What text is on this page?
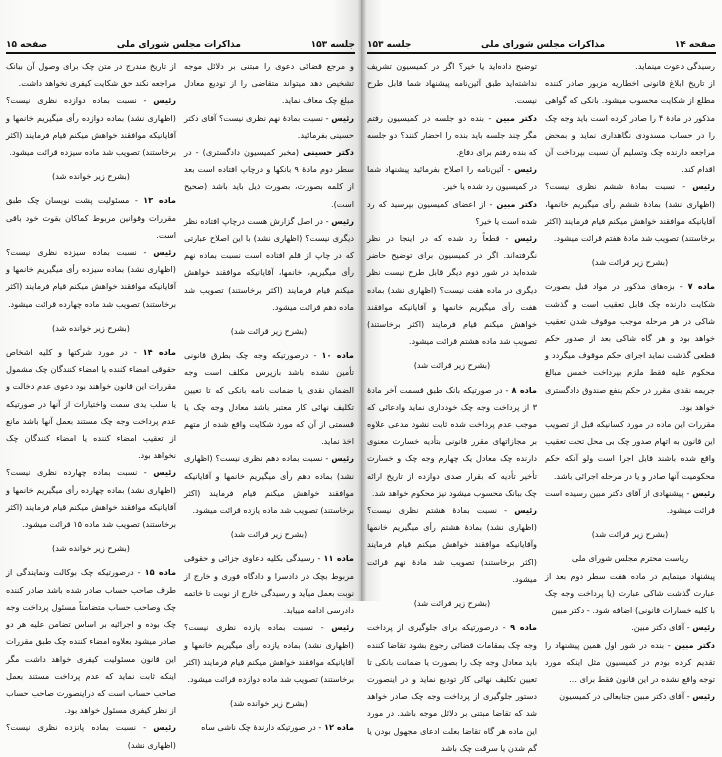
صفحه ۱۵	مذاکرات مجلس شورای ملی	جلسه ۱۵۳

و مرجع قضائی دعوی را مبتنی بر دلائل موجه تشخیص دهد میتواند متقاضی را از تودیع معادل مبلغ چک معاف نماید.

رئیس - نسبت بمادهٔ نهم نظری نیست؟ آقای دکتر حسینی بفرمائید.

دکتر حسینی (مخبر کمیسیون دادگستری) - در سطر دوم مادهٔ ۹ بانکها و درچاپ افتاده است بعد از کلمه بصورت، بصورت ذیل باید باشد (صحیح است).

رئیس - در اصل گزارش هست درچاپ افتاده نظر دیگری نیست؟ (اظهاری نشد) با این اصلاح عبارتی که در چاپ از قلم افتاده است نسبت بماده نهم رأی میگیریم، خانمها، آقایانیکه موافقند خواهش میکنم قیام فرمایند (اکثر برخاستند) تصویب شد ماده دهم قرائت میشود.

(بشرح زیر قرائت شد)

ماده ۱۰ - درصورتیکه وجه چک بطرق قانونی تأمین نشده باشد بازپرس مکلف است وجه الضمان نقدی یا ضمانت نامه بانکی که تا تعیین تکلیف نهائی کار معتبر باشد معادل وجه چک یا قسمتی از آن که مورد شکایت واقع شده از متهم اخذ نماید.

رئیس - نسبت بماده دهم نظری نیست؟ (اظهاری نشد) بماده دهم رأی میگیریم خانمها و آقایانیکه موافقند خواهش میکنم قیام فرمایند (اکثر برخاستند) تصویب شد ماده یازده قرائت میشود.

(بشرح زیر قرائت شد)

ماده ۱۱ - رسیدگی بکلیه دعاوی جزائی و حقوقی مربوط بچک در دادسرا و دادگاه فوری و خارج از نوبت بعمل میآید و رسیدگی خارج از نوبت تا خاتمه دادرسی ادامه مییابد.

رئیس - نسبت بماده یازده نظری نیست؟ (اظهاری نشد) بماده یازده رأی میگیریم خانمها و آقایانیکه موافقند خواهش میکنم قیام فرمایند (اکثر برخاستند) تصویب شد ماده دوازده قرائت میشود.

(بشرح زیر خوانده شد)

ماده ۱۲ - در صورتیکه دارندهٔ چک ناشی ساه

از تاریخ مندرج در متن چک برای وصول آن ببانک مراجعه نکند حق شکایت کیفری نخواهد داشت.

رئیس - نسبت بماده دوازده نظری نیست؟ (اظهاری نشد) بماده دوازده رأی میگیریم خانمها و آقایانیکه موافقند خواهش میکنم قیام فرمایند (اکثر برخاستند) تصویب شد ماده سیزده قرائت میشود.

(بشرح زیر خوانده شد)

ماده ۱۳ - مسئولیت پشت نویسان چک طبق مقررات وقوانین مربوط کماکان بقوت خود باقی است.

رئیس - نسبت بماده سیزده نظری نیست؟ (اظهاری نشد) بماده سیزده رأی میگیریم خانمها و آقایانیکه موافقند خواهش میکنم قیام فرمایند (اکثر برخاستند) تصویب شد ماده چهارده قرائت میشود.

(بشرح زیر خوانده شد)

ماده ۱۴ - در مورد شرکتها و کلیه اشخاص حقوقی امضاء کننده یا امضاء کنندگان چک مشمول مقررات این قانون خواهند بود دعوی عدم دخالت و یا سلب یدی سمت واختیارات از آنها در صورتیکه عدم پرداخت وجه چک مستند بعمل آنها باشد مانع از تعقیب امضاء کننده یا امضاء کنندگان چک نخواهد بود.

رئیس - نسبت بماده چهارده نظری نیست؟ (اظهاری نشد) بماده چهارده رأی میگیریم خانمها و آقایانیکه موافقند خواهش میکنم قیام فرمایند (اکثر برخاستند) تصویب شد ماده ۱۵ قرائت میشود.

(بشرح زیر خوانده شد)

ماده ۱۵ - درصورتیکه چک بوکالت ونمایندگی از طرف صاحب حساب صادر شده باشد صادر کننده چک وصاحب حساب متضامناً مسئول پرداخت وجه چک بوده و اجرائیه بر اساس تضامن علیه هر دو صادر میشود بعلاوه امضاء کننده چک طبق مقررات این قانون مسئولیت کیفری خواهد داشت مگر اینکه ثابت نماید که عدم پرداخت مستند بعمل صاحب حساب است که دراینصورت صاحب حساب از نظر کیفری مسئول خواهد بود.

رئیس - نسبت بماده پانزده نظری نیست؟ (اظهاری نشد)

جلسه ۱۵۳	مذاکرات مجلس شورای ملی	صفحه ۱۴

رسیدگی دعوت مینماید.

از تاریخ ابلاغ قانونی اخطاریه مزبور صادر کننده مطلع از شکایت محسوب میشود. بانکی که گواهی مذکور در مادهٔ ۴ را صادر کرده است باید وجه چک را در حساب مسدودی نگاهداری نماید و بمحض مراجعه دارنده چک وتسلیم آن نسبت بپرداخت آن اقدام کند.

رئیس - نسبت بمادهٔ ششم نظری نیست؟ (اظهاری نشد) بمادهٔ ششم رأی میگیریم خانمها، آقایانیکه موافقند خواهش میکنم قیام فرمایند (اکثر برخاستند) تصویب شد مادهٔ هفتم قرائت میشود.

(بشرح زیر قرائت شد)

ماده ۷ - بزه‌های مذکور در مواد قبل بصورت شکایت دارنده چک قابل تعقیب است و گذشت شاکی در هر مرحله موجب موقوف شدن تعقیب خواهد بود و هر گاه شاکی بعد از صدور حکم قطعی گذشت نماید اجرای حکم موقوف میگردد و محکوم علیه فقط ملزم بپرداخت خمس مبالغ جریمه نقدی مقرر در حکم بنفع صندوق دادگستری خواهد بود.

مقررات این ماده در مورد کسانیکه قبل از تصویب این قانون به اتهام صدور چک بی محل تحت تعقیب واقع شده باشند قابل اجرا است ولو آنکه حکم محکومیت آنها صادر و یا در مرحله اجرائی باشد.

رئیس - پیشنهادی از آقای دکتر مبین رسیده است قرائت میشود.

(بشرح زیر قرائت شد)

ریاست محترم مجلس شورای ملی

پیشنهاد مینمایم در ماده هفت سطر دوم بعد از عبارت گذشت شاکی عبارت (یا پرداخت وجه چک با کلیه خسارات قانونی) اضافه شود. - دکتر مبین

رئیس - آقای دکتر مبین.

دکتر مبین - بنده در شور اول همین پیشنهاد را تقدیم کرده بودم در کمیسیون مثل اینکه مورد توجه واقع نشده در این قانون فقط برای ...

رئیس - آقای دکتر مبین جنابعالی در کمیسیون

توضیح داده‌اید یا خیر؟ اگر در کمیسیون تشریف نداشته‌اید طبق آئین‌نامه پیشنهاد شما قابل طرح نیست.

دکتر مبین - بنده دو جلسه در کمیسیون رفتم مگر چند جلسه باید بنده را احضار کنند؟ دو جلسه که بنده رفتم برای دفاع.

رئیس - آئین‌نامه را اصلاح بفرمائید پیشنهاد شما در کمیسیون رد شده یا خیر.

دکتر مبین - از اعضای کمیسیون بپرسید که رد شده است یا خیر؟

رئیس - قطعاً رد شده که در اینجا در نظر نگرفته‌اند. اگر در کمیسیون برای توضیح حاضر شده‌اید در شور دوم دیگر قابل طرح نیست نظر دیگری در ماده هفت نیست؟ (اظهاری نشد) بماده هفت رأی میگیریم خانمها و آقایانیکه موافقند خواهش میکنم قیام فرمایند (اکثر برخاستند) تصویب شد ماده هشتم قرائت میشود.

(بشرح زیر قرائت شد)

ماده ۸ - در صورتیکه بانک طبق قسمت آخر مادهٔ ۳ از پرداخت وجه چک خودداری نماید وادعائی که موجب عدم پرداخت شده ثابت نشود مدعی علاوه بر مجازاتهای مقرر قانونی بتأدیه خسارت معنوی دارنده چک معادل یک چهارم وجه چک و خسارت تأخیر تأدیه که بقرار صدی دوازده از تاریخ ارائه چک ببانک محسوب میشود نیز محکوم خواهد شد.

رئیس - نسبت بمادهٔ هشتم نظری نیست؟ (اظهاری نشد) بمادهٔ هشتم رأی میگیریم خانمها وآقایانیکه موافقند خواهش میکنم قیام فرمایند (اکثر برخاستند) تصویب شد مادهٔ نهم قرائت میشود.

(بشرح زیر قرائت شد)

ماده ۹ - درصورتیکه برای جلوگیری از پرداخت وجه چک بمقامات قضائی رجوع بشود تقاضا کننده باید معادل وجه چک را بصورت یا ضمانت بانکی تا تعیین تکلیف نهائی کار تودیع نماید و در اینصورت دستور جلوگیری از پرداخت وجه چک صادر خواهد شد که تقاضا مبتنی بر دلائل موجه باشد. در مورد این ماده هر گاه تقاضا بعلت ادعای مجهول بودن یا گم شدن یا سرقت چک باشد
